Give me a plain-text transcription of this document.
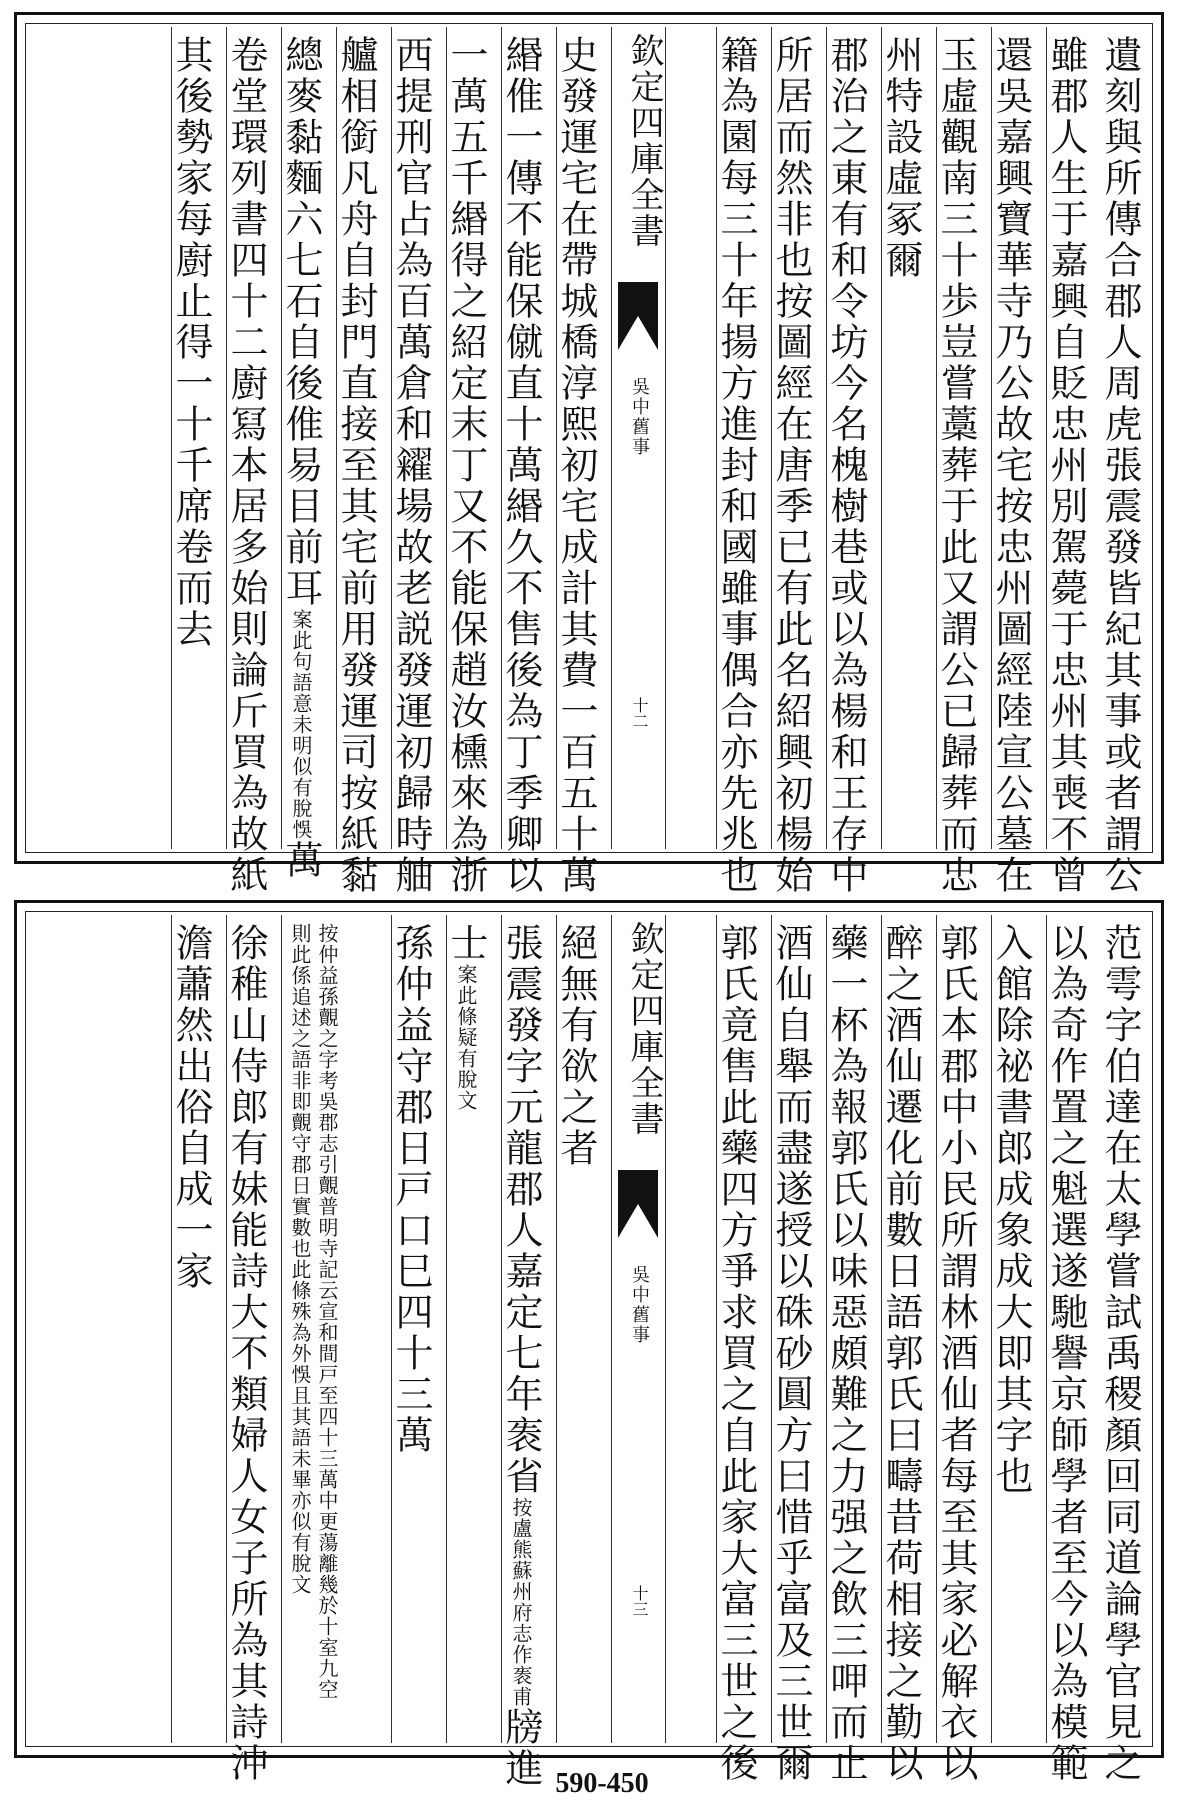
遺刻與所傳合郡人周虎張震發皆紀其事或者謂公
雖郡人生于嘉興自貶忠州別駕薨于忠州其喪不曾
還吳嘉興寶華寺乃公故宅按忠州圖經陸宣公墓在
玉虛觀南三十歩豈嘗藁葬于此又謂公已歸葬而忠
州特設虛冢爾
郡治之東有和令坊今名槐樹巷或以為楊和王存中
所居而然非也按圖經在唐季已有此名紹興初楊始
籍為園每三十年揚方進封和國雖事偶合亦先兆也
欽定四庫全書
吳中舊事
十二
史發運宅在帶城橋淳熙初宅成計其費一百五十萬
緡倠一傳不能保僦直十萬緡久不售後為丁季卿以
一萬五千緡得之紹定末丁又不能保趙汝櫄來為浙
西提刑官占為百萬倉和糴場故老説發運初歸時舳
艫相銜凡舟自封門直接至其宅前用發運司按紙黏
總麥黏麵六七石自後倠易目前耳案此句語意未明似有脫悞萬
卷堂環列書四十二廚冩本居多始則論斤買為故紙
其後勢家每廚止得一十千席卷而去
范雩字伯達在太學嘗試禹稷顏回同道論學官見之
以為奇作置之魁選遂馳譽京師學者至今以為模範
入館除祕書郎成象成大即其字也
郭氏本郡中小民所謂林酒仙者每至其家必解衣以
醉之酒仙遷化前數日語郭氏曰疇昔荷相接之勤以
藥一杯為報郭氏以味惡頗難之力强之飲三呷而止
酒仙自舉而盡遂授以硃砂圓方曰惜乎富及三世爾
郭氏竟售此藥四方爭求買之自此家大富三世之後
欽定四庫全書
吳中舊事
十三
絕無有欲之者
張震發字元龍郡人嘉定七年袠省按盧熊蘇州府志作袠甫牓進
士案此條疑有脫文
孫仲益守郡日戸口巳四十三萬
按仲益孫覿之字考吳郡志引覿普明寺記云宣和間戸至四十三萬中更蕩離幾於十室九空則此係追述之語非即覿守郡日實數也此條殊為外悞且其語未畢亦似有脫文
徐稚山侍郎有妹能詩大不類婦人女子所為其詩沖
澹蕭然出俗自成一家
590-450
